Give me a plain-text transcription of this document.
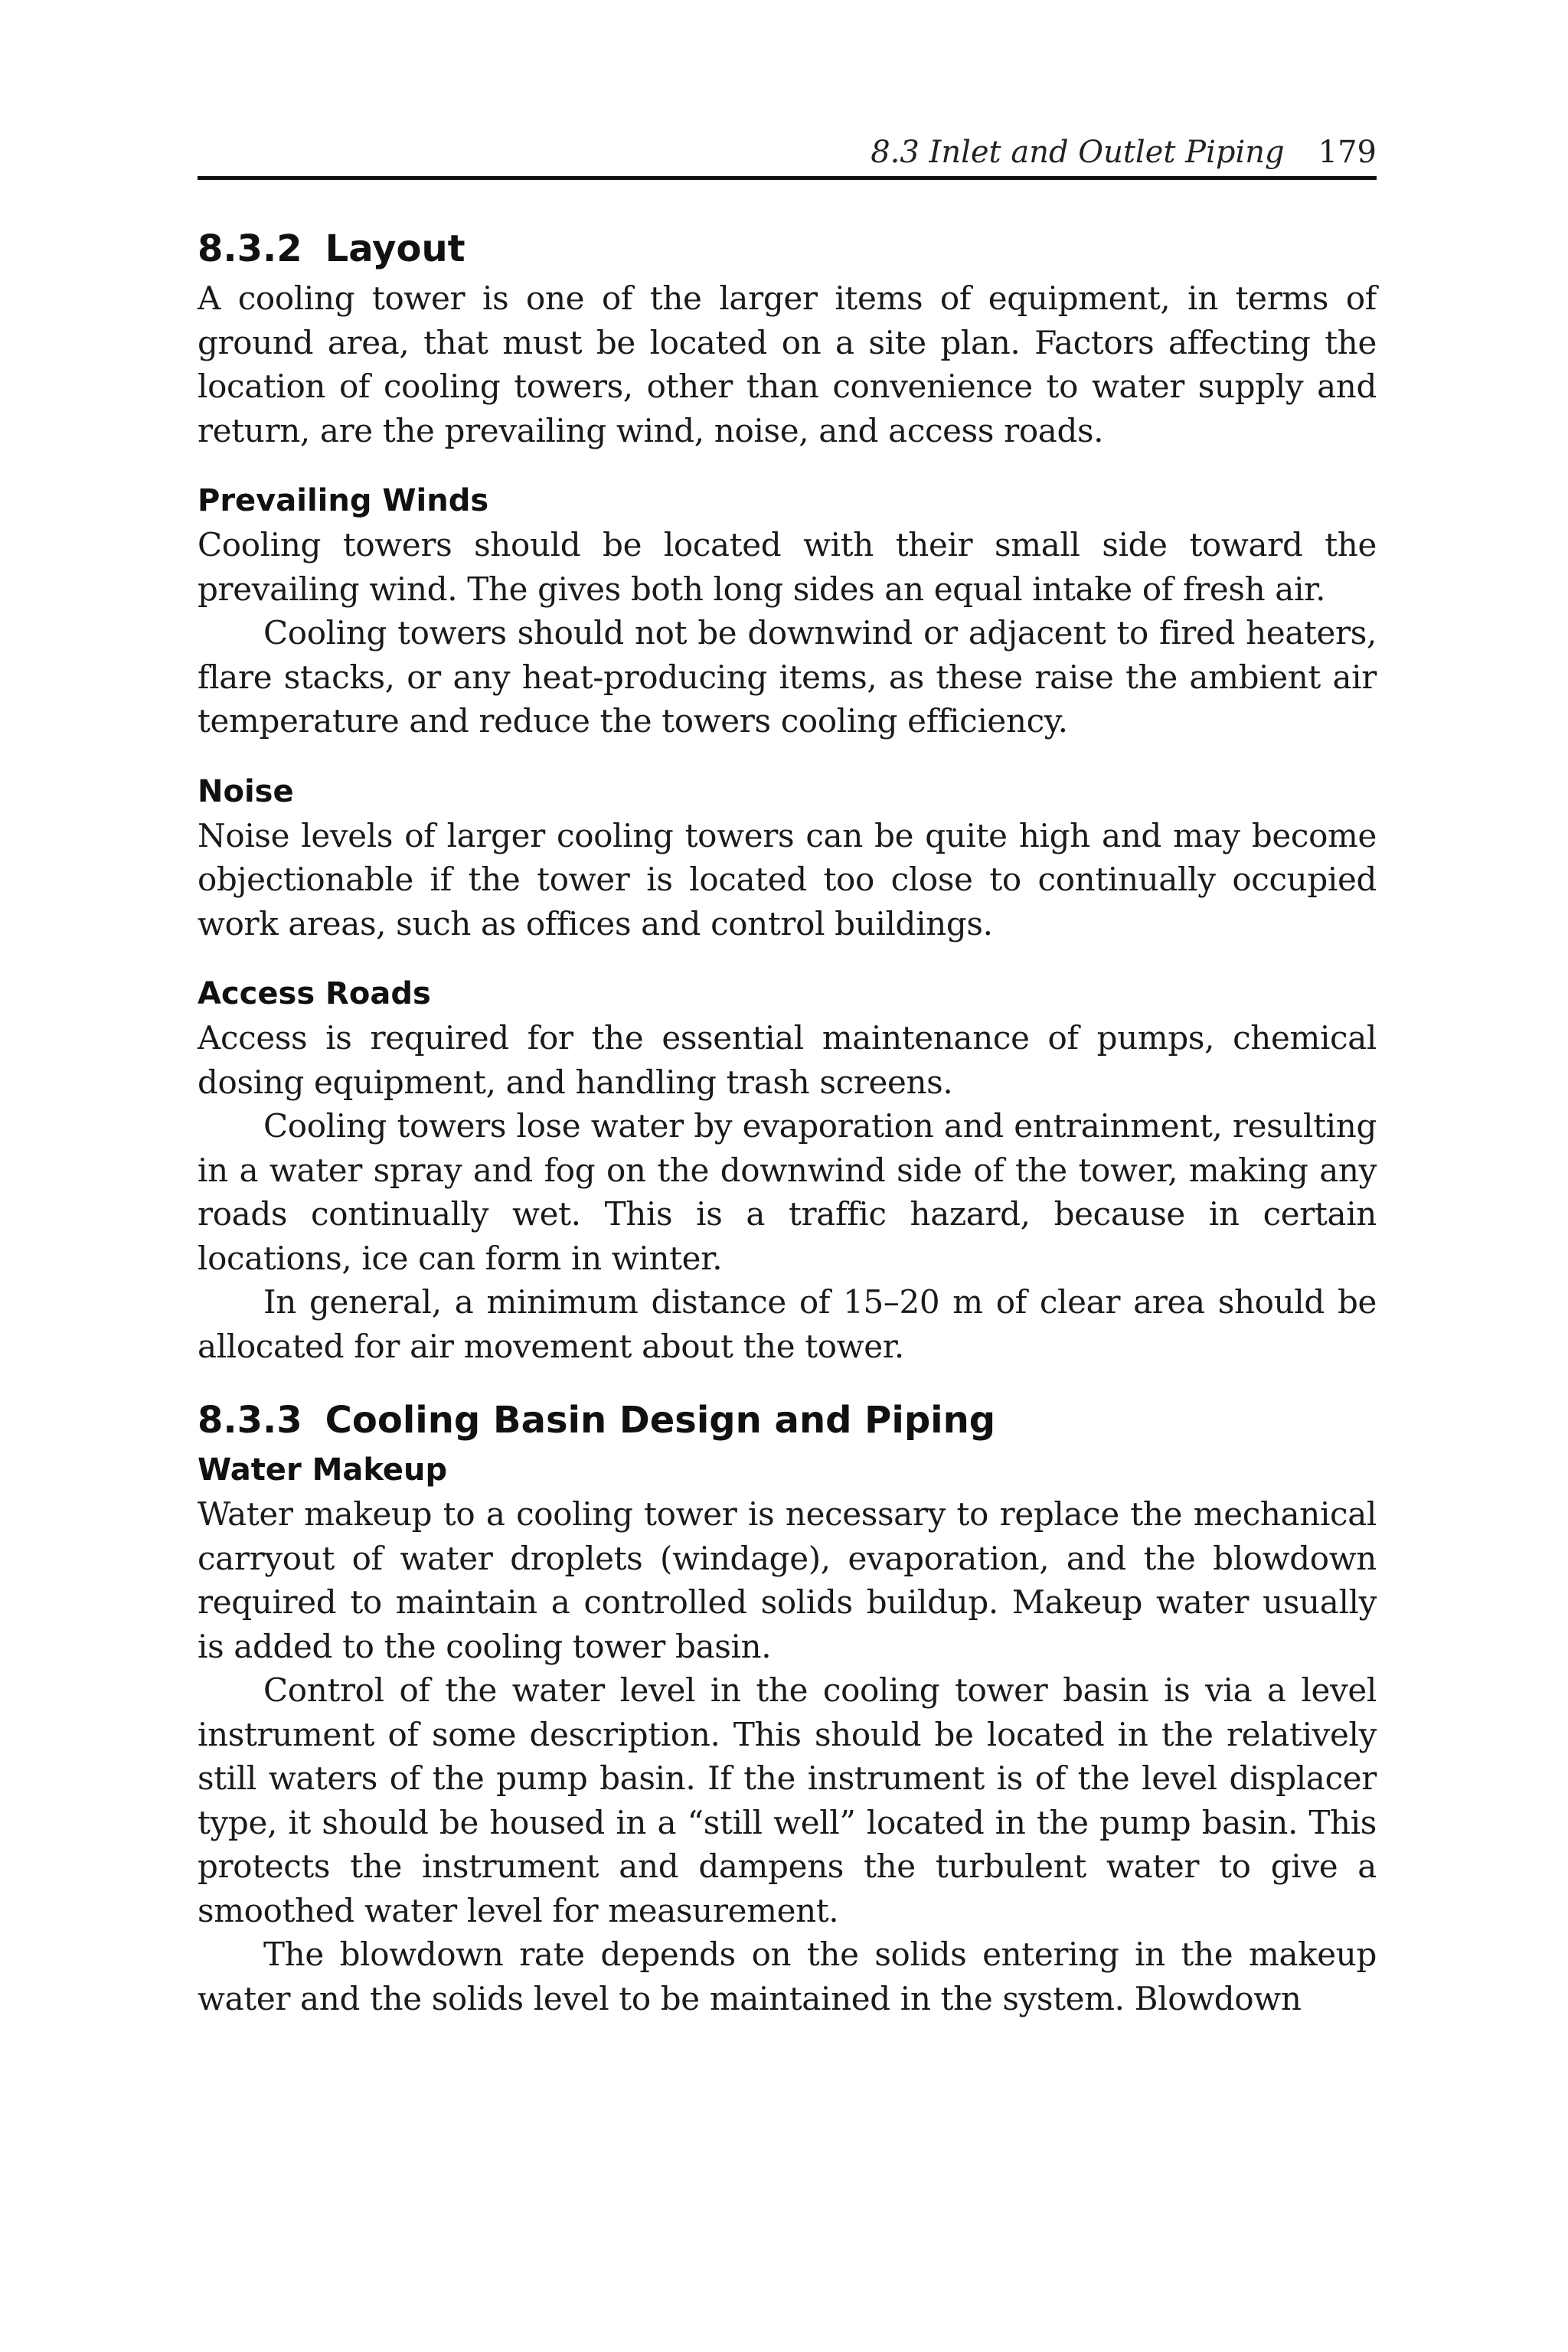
8.3 Inlet and Outlet Piping 179
8.3.2 Layout

A cooling tower is one of the larger items of equipment, in terms of ground area, that must be located on a site plan. Factors affecting the location of cooling towers, other than convenience to water supply and return, are the prevailing wind, noise, and access roads.

Prevailing Winds

Cooling towers should be located with their small side toward the prevailing wind. The gives both long sides an equal intake of fresh air.

Cooling towers should not be downwind or adjacent to fired heaters, flare stacks, or any heat-producing items, as these raise the ambient air temperature and reduce the towers cooling efficiency.

Noise

Noise levels of larger cooling towers can be quite high and may become objectionable if the tower is located too close to continually occupied work areas, such as offices and control buildings.

Access Roads

Access is required for the essential maintenance of pumps, chemical dosing equipment, and handling trash screens.

Cooling towers lose water by evaporation and entrainment, resulting in a water spray and fog on the downwind side of the tower, making any roads continually wet. This is a traffic hazard, because in certain locations, ice can form in winter.

In general, a minimum distance of 15–20 m of clear area should be allocated for air movement about the tower.

8.3.3 Cooling Basin Design and Piping
Water Makeup

Water makeup to a cooling tower is necessary to replace the mechanical carryout of water droplets (windage), evaporation, and the blowdown required to maintain a controlled solids buildup. Makeup water usually is added to the cooling tower basin.

Control of the water level in the cooling tower basin is via a level instrument of some description. This should be located in the relatively still waters of the pump basin. If the instrument is of the level displacer type, it should be housed in a “still well” located in the pump basin. This protects the instrument and dampens the turbulent water to give a smoothed water level for measurement.

The blowdown rate depends on the solids entering in the makeup water and the solids level to be maintained in the system. Blowdown
